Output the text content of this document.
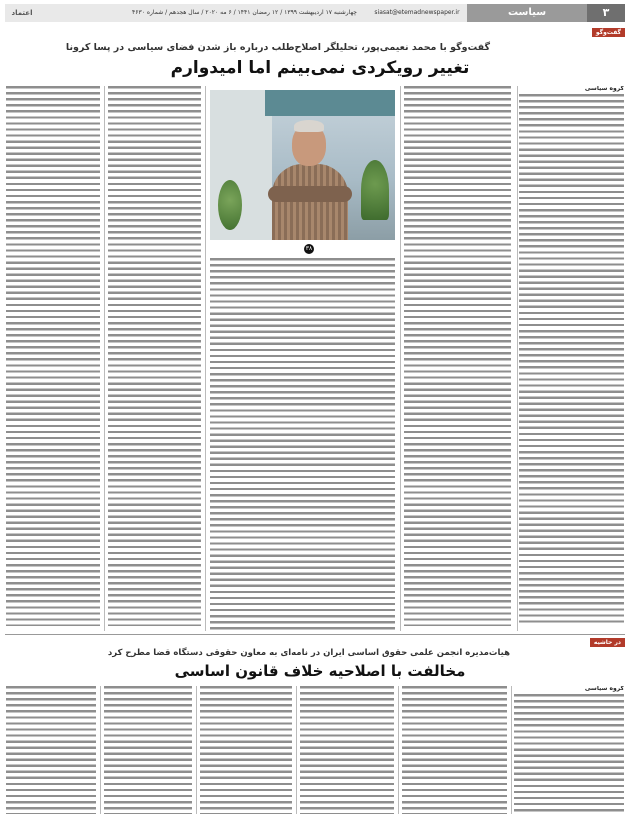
۳
سیاست
siasat@etemadnewspaper.ir
چهارشنبه ۱۷ اردیبهشت ۱۳۹۹ / ۱۲ رمضان ۱۴۴۱ / ۶ مه ۲۰۲۰ / سال هجدهم / شماره ۴۶۳۰
اعتماد
گفت‌وگو
گفت‌وگو با محمد نعیمی‌پور، تحلیلگر اصلاح‌طلب درباره باز شدن فضای سیاسی در پسا کرونا
تغییر رویکردی نمی‌بینم اما امیدوارم
گروه سیاسی
۳۸
در حاشیه
هیات‌مدیره انجمن علمی حقوق اساسی ایران در نامه‌ای به معاون حقوقی دستگاه قضا مطرح کرد
مخالفت با اصلاحیه خلاف قانون اساسی
گروه سیاسی
